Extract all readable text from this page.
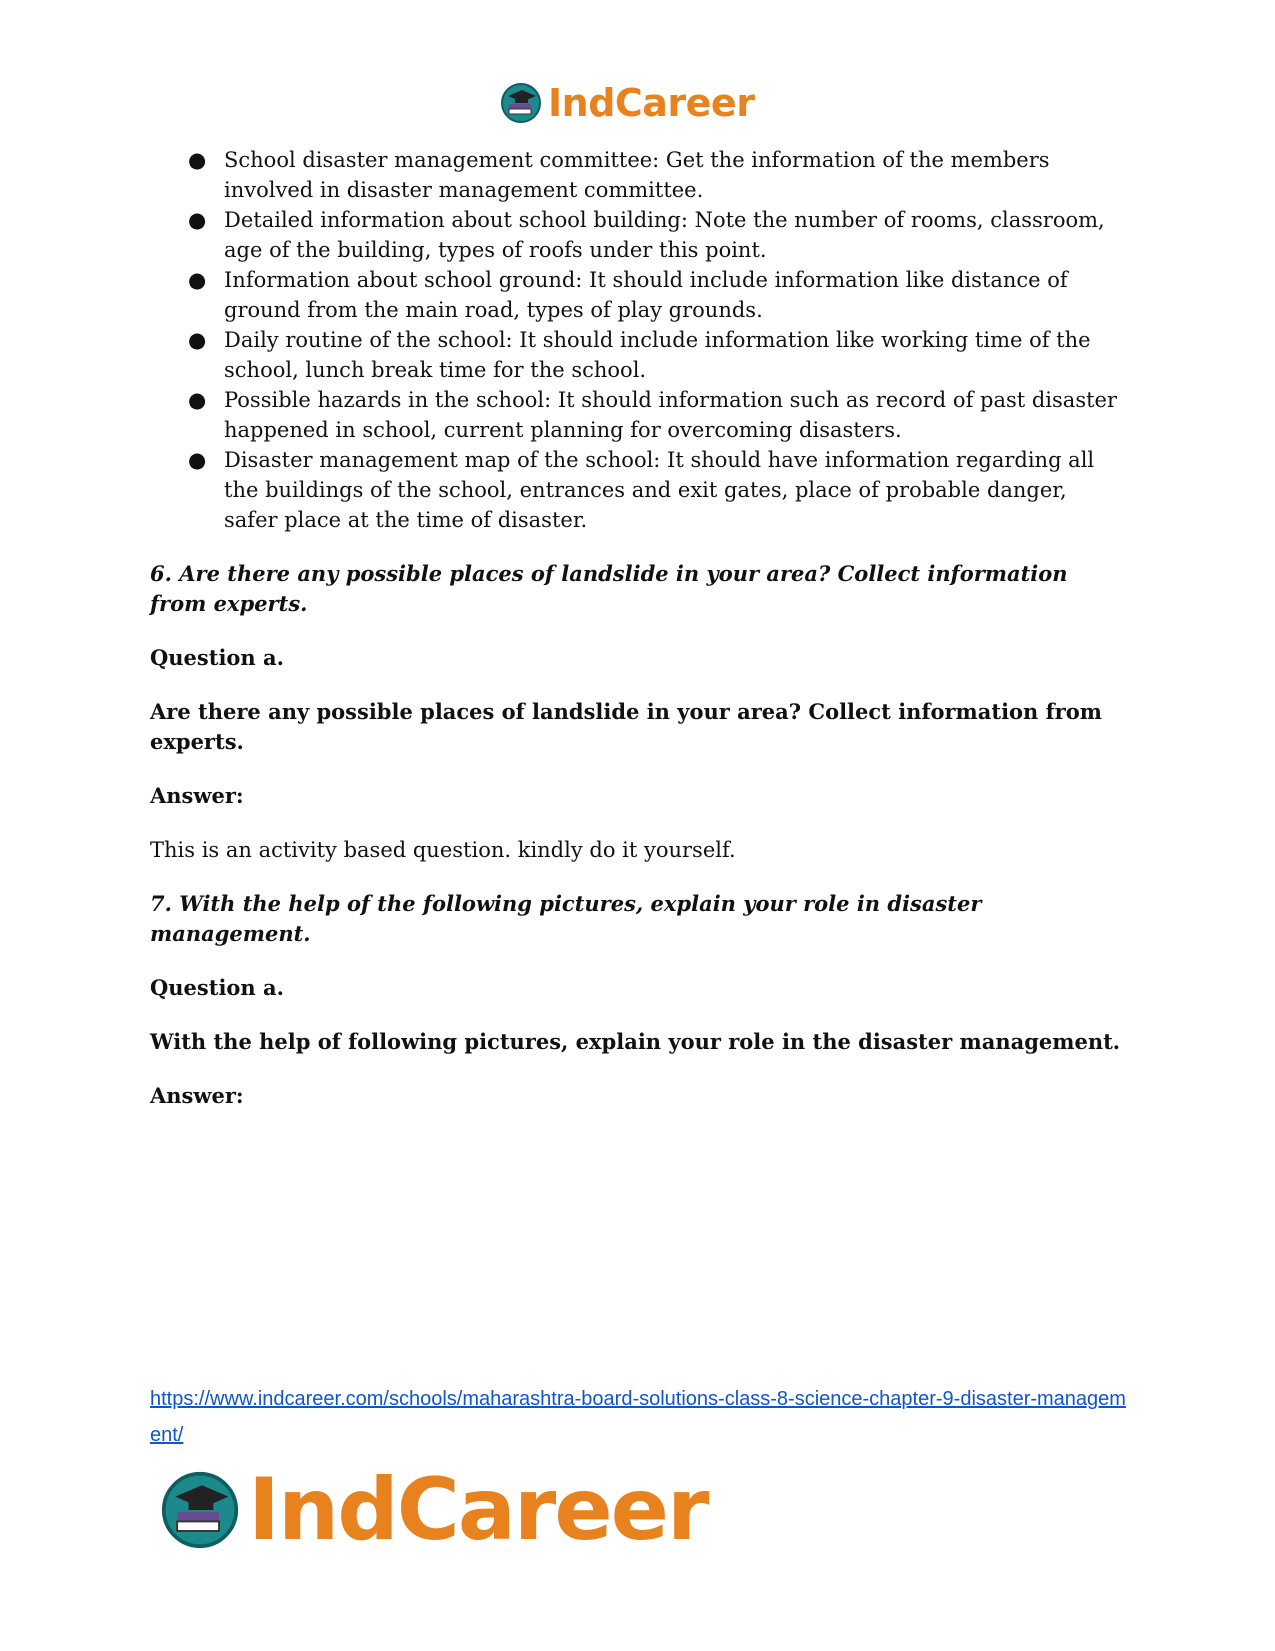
IndCareer
● School disaster management committee: Get the information of the members involved in disaster management committee.
● Detailed information about school building: Note the number of rooms, classroom, age of the building, types of roofs under this point.
● Information about school ground: It should include information like distance of ground from the main road, types of play grounds.
● Daily routine of the school: It should include information like working time of the school, lunch break time for the school.
● Possible hazards in the school: It should information such as record of past disaster happened in school, current planning for overcoming disasters.
● Disaster management map of the school: It should have information regarding all the buildings of the school, entrances and exit gates, place of probable danger, safer place at the time of disaster.
6. Are there any possible places of landslide in your area? Collect information from experts.
Question a.
Are there any possible places of landslide in your area? Collect information from experts.
Answer:
This is an activity based question. kindly do it yourself.
7. With the help of the following pictures, explain your role in disaster management.
Question a.
With the help of following pictures, explain your role in the disaster management.
Answer:
https://www.indcareer.com/schools/maharashtra-board-solutions-class-8-science-chapter-9-disaster-management/
IndCareer
